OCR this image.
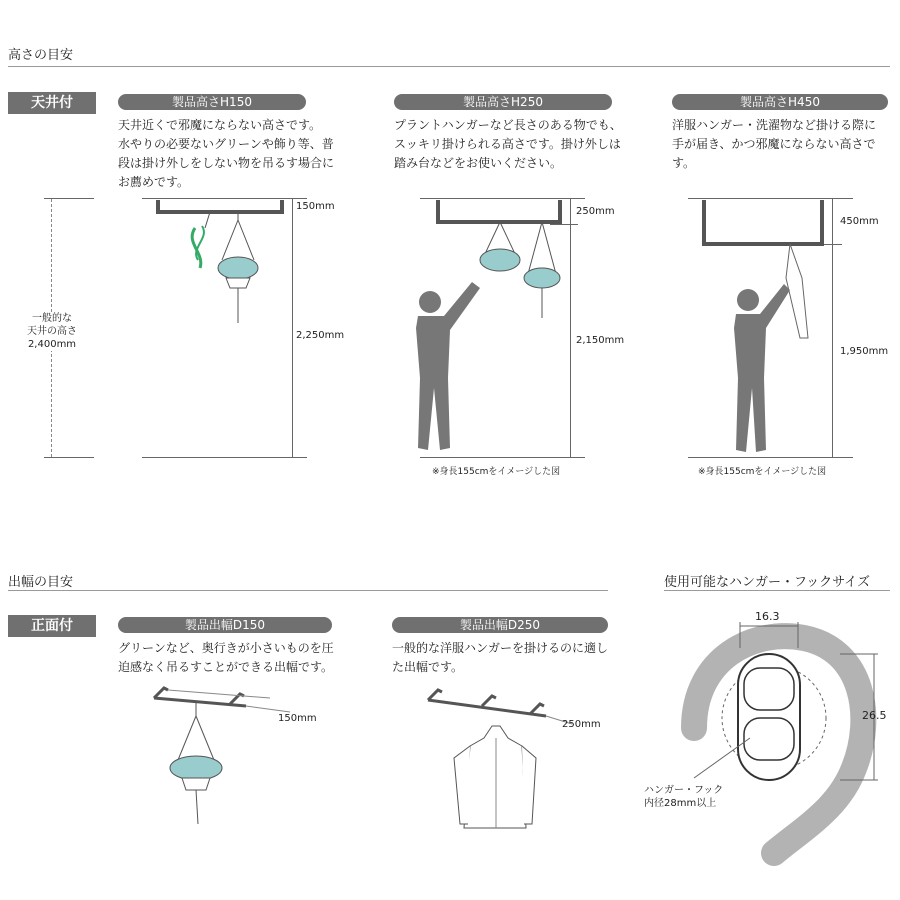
高さの目安
天井付
一般的な
天井の高さ
2,400mm
製品高さH150
天井近くで邪魔にならない高さです。
水やりの必要ないグリーンや飾り等、普
段は掛け外しをしない物を吊るす場合に
お薦めです。
150mm
2,250mm
製品高さH250
プラントハンガーなど長さのある物でも、
スッキリ掛けられる高さです。掛け外しは
踏み台などをお使いください。
250mm
2,150mm
※身長155cmをイメージした図
製品高さH450
洋服ハンガー・洗濯物など掛ける際に
手が届き、かつ邪魔にならない高さです。
450mm
1,950mm
※身長155cmをイメージした図
出幅の目安
正面付	製品出幅D150
グリーンなど、奥行きが小さいものを圧
迫感なく吊るすことができる出幅です。
150mm
製品出幅D250
一般的な洋服ハンガーを掛けるのに適し
た出幅です。
250mm
使用可能なハンガー・フックサイズ
16.3
26.5
ハンガー・フック
内径28mm以上
